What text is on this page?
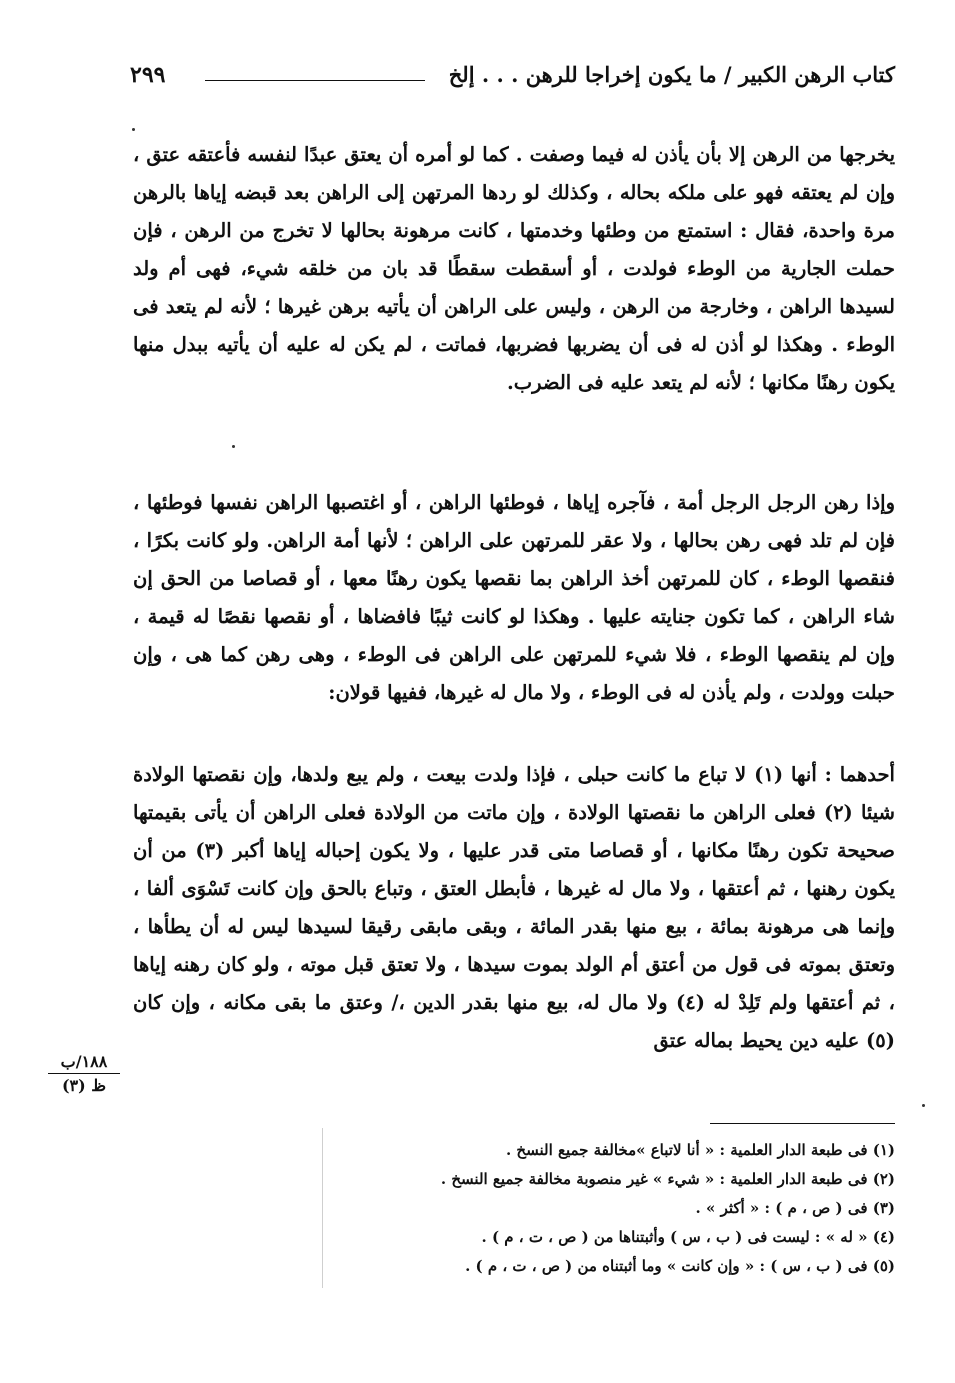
كتاب الرهن الكبير / ما يكون إخراجا للرهن . . . إلخ
٢٩٩

يخرجها من الرهن إلا بأن يأذن له فيما وصفت . كما لو أمره أن يعتق عبدًا لنفسه فأعتقه عتق ، وإن لم يعتقه فهو على ملكه بحاله ، وكذلك لو ردها المرتهن إلى الراهن بعد قبضه إياها بالرهن مرة واحدة، فقال : استمتع من وطئها وخدمتها ، كانت مرهونة بحالها لا تخرج من الرهن ، فإن حملت الجارية من الوطء فولدت ، أو أسقطت سقطًا قد بان من خلقه شيء، فهى أم ولد لسيدها الراهن ، وخارجة من الرهن ، وليس على الراهن أن يأتيه برهن غيرها ؛ لأنه لم يتعد فى الوطء . وهكذا لو أذن له فى أن يضربها فضربها، فماتت ، لم يكن له عليه أن يأتيه ببدل منها يكون رهنًا مكانها ؛ لأنه لم يتعد عليه فى الضرب.

وإذا رهن الرجل الرجل أمة ، فآجره إياها ، فوطئها الراهن ، أو اغتصبها الراهن نفسها فوطئها ، فإن لم تلد فهى رهن بحالها ، ولا عقر للمرتهن على الراهن ؛ لأنها أمة الراهن. ولو كانت بكرًا ، فنقصها الوطء ، كان للمرتهن أخذ الراهن بما نقصها يكون رهنًا معها ، أو قصاصا من الحق إن شاء الراهن ، كما تكون جنايته عليها . وهكذا لو كانت ثيبًا فافضاها ، أو نقصها نقصًا له قيمة ، وإن لم ينقصها الوطء ، فلا شيء للمرتهن على الراهن فى الوطء ، وهى رهن كما هى ، وإن حبلت وولدت ، ولم يأذن له فى الوطء ، ولا مال له غيرها، ففيها قولان:

أحدهما : أنها (١) لا تباع ما كانت حبلى ، فإذا ولدت بيعت ، ولم يبع ولدها، وإن نقصتها الولادة شيئا (٢) فعلى الراهن ما نقصتها الولادة ، وإن ماتت من الولادة فعلى الراهن أن يأتى بقيمتها صحيحة تكون رهنًا مكانها ، أو قصاصا متى قدر عليها ، ولا يكون إحباله إياها أكبر (٣) من أن يكون رهنها ، ثم أعتقها ، ولا مال له غيرها ، فأبطل العتق ، وتباع بالحق وإن كانت تَسْوَى ألفا ، وإنما هى مرهونة بمائة ، بيع منها بقدر المائة ، وبقى مابقى رقيقا لسيدها ليس له أن يطأها ، وتعتق بموته فى قول من أعتق أم الولد بموت سيدها ، ولا تعتق قبل موته ، ولو كان رهنه إياها ، ثم أعتقها ولم تَلِدْ له (٤) ولا مال له، بيع منها بقدر الدين ،/ وعتق ما بقى مكانه ، وإن كان (٥) عليه دين يحيط بماله عتق

١٨٨/ب
ظ (٣)
(١) فى طبعة الدار العلمية : « أنا لاتباع »مخالفة جميع النسخ .
(٢) فى طبعة الدار العلمية : « شيء » غير منصوبة مخالفة جميع النسخ .
(٣) فى ( ص ، م ) : « أكثر » .
(٤) « له » : ليست فى ( ب ، س ) وأثبتناها من ( ص ، ت ، م ) .
(٥) فى ( ب ، س ) : « وإن كانت » وما أثبتناه من ( ص ، ت ، م ) .
